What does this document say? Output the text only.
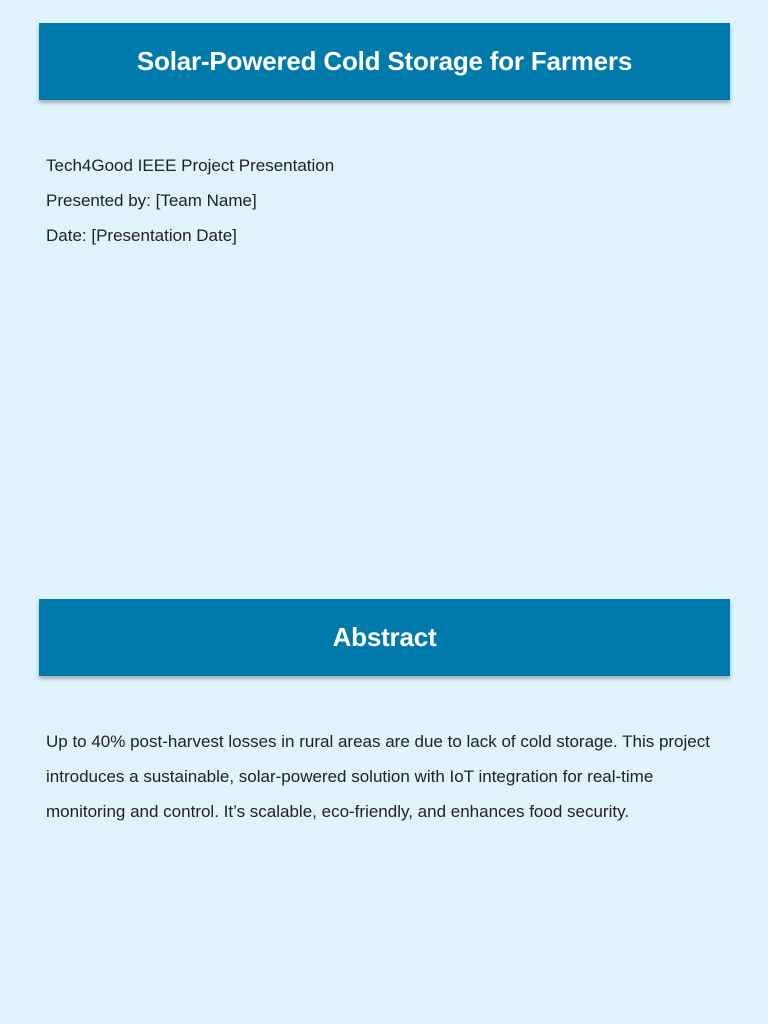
Solar-Powered Cold Storage for Farmers
Tech4Good IEEE Project Presentation
Presented by: [Team Name]
Date: [Presentation Date]
Abstract

Up to 40% post-harvest losses in rural areas are due to lack of cold storage. This project introduces a sustainable, solar-powered solution with IoT integration for real-time monitoring and control. It’s scalable, eco-friendly, and enhances food security.
